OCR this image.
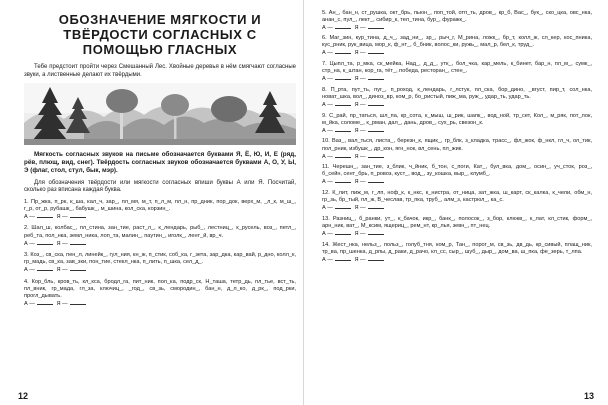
ОБОЗНАЧЕНИЕ МЯГКОСТИ И ТВЁРДОСТИ СОГЛАСНЫХ С ПОМОЩЬЮ ГЛАСНЫХ
Тебе предстоит пройти через Смешанный Лес. Хвойные деревья в нём смягчают согласные звуки, а лиственные делают их твёрдыми.
Мягкость согласных звуков на письме обозначается буквами Я, Ё, Ю, И, Е (ряд, рёв, плющ, вид, снег). Твёрдость согласных звуков обозначается буквами А, О, У, Ы, Э (флаг, стол, стул, бык, мэр).
Для обозначения твёрдости или мягкости согласных впиши буквы А или Я. Посчитай, сколько раз вписана каждая буква.
1. Пр_жка, п_рк, к_ша, кал_ч, зар_, пл_мя, м_т, п_л_м, пл_н, пр_дник, пор_док, верх_м, _л_к, м_ш_, г_р, от_р, рубашк_, бабушк_, м_шина, кол_ска, корзин_.
А —	Я —
2. Шал_ш, колбас_, пл_стина, зан_тие, раст_л_, к_лендарь, рыб_, лестниц_, к_русель, воз_, петл_, реб_та, пол_нка, земл_ника, лоп_та, малин_, паутин_, иголк_, лент_й, вр_ч.
А —	Я —
3. Коз_, св_ска, пен_л, линейк_, гул_ния, кн_ж, п_стик, соб_ка, г_зета, зар_дка, кар_вай, р_дно, колл_к, гр_мадь, св_ка, зав_зки, пон_тие, стекл_нка, п_лить, п_шка, сел_д_.
А —	Я —
4. Кор_бль, кров_ть, кл_кса, бродл_га, пит_ник, пол_ка, подр_ск, Н_таша, тетр_дь, пл_тье, вст_ть, пл_вник, гр_мада, гл_за, ключиц_, _год_, св_зь, смородин_, бан_н, д_л_ко, д_рк_, под_рки, прогл_дывать.
А —	Я —
12
5. Ан_, бан_н, ст_рушка, окт_брь, пьюн_, поп_той, отп_ть, дров_, кр_б, Вас_, бук_, ско_цка, овс_нка, анан_с, пул_, лект_, сибир_к, тел_тина, бур_, фуражк_.
А —	Я —
6. Маг_зин, кур_тина, д_ч_, зад_ни_, зр_, рыч_г, М_рина, ложк_, бр_т, колл_ж, сл_кер, кос_пника, кус_рник, рук_вица, мор_к, ф_нт_, б_бник, волос_ки, ружь_, мал_р, бел_к, труд_.
А —	Я —
7. Цыпл_та, р_мка, ск_мейка, Над_, д_д_, утк_, бол_чка, кар_мель, к_бинет, бар_н, пл_м_, сумк_, стр_на, к_штан, кор_га, тёт_, победа, ресторан_, стен_.
А —	Я —
8. П_рта, пут_ть, пуг_, п_роход, к_лендарь, г_лстук, пл_ска, бор_дино, _вгуст, пир_т, сол_нка, новат_шка, вол_, диноз_вр, ком_р, бо_ристый, пиж_ма, руж_, удар_ть, удар_ть.
А —	Я —
9. С_рай, пр_таться, шл_па, кр_сота, к_мыш, ш_рик, шапк_, вод_ной, тр_сет, Кол_, м_ряк, пот_лок, м_йка, соломе_, к_рман, дал_, дань, дров_, сух_рь, свезон_к.
А —	Я —
10. Ваз_, вал_ться, листа_, березн_к, ящик_, гр_блк, з_кладка, трасс_, фл_жок, ф_нкл, гл_ч, ол_тик, пол_рник, избушк_, др_кон, ягн_нок, вл_сень, пл_жик.
А —	Я —
11. Черешн_, зан_тие, з_блик, ч_йник, б_тон, с_поги, Кат_, бул_вка, дом_, осин_, уч_сток, роз_, б_сейн, сент_брь, п_ровоз, куст_, вод_, зу_кошка, выр_, клумб_.
А —	Я —
12. К_лит, пиж_м, г_лп, ноф_к, к_нкс, к_нистра, от_ница, зат_жка, ш_карт, ск_калка, к_чели, обм_н, гр_зь, бр_тый, пл_ж, В_чеслав, тр_пка, труб_, алм_з, кастрюл_, ка_с.
А —	Я —
13. Разниц_, б_ранки, ут_, к_бачок, икр_, банк_, полосок_, з_бор, клюкв_, к_лат, кл_стик, форм_, арн_ник, ват_, М_ксим, ящериц_, рем_нт, кр_лья, зевн_, пт_нец.
А —	Я —
14. Жест_нка, нельз_, польз_, голуб_тня, ком_р, Тан_, порог_м, св_зь, дв_дь, кр_сивый, плащ_ник, тр_ва, пр_шенка, д_рпы, д_раки, д_рачо, кл_сс, сыр_, шуб_, дыр_, дом_ва, ш_пка, фе_зерь, т_лпа.
А —	Я —
13
